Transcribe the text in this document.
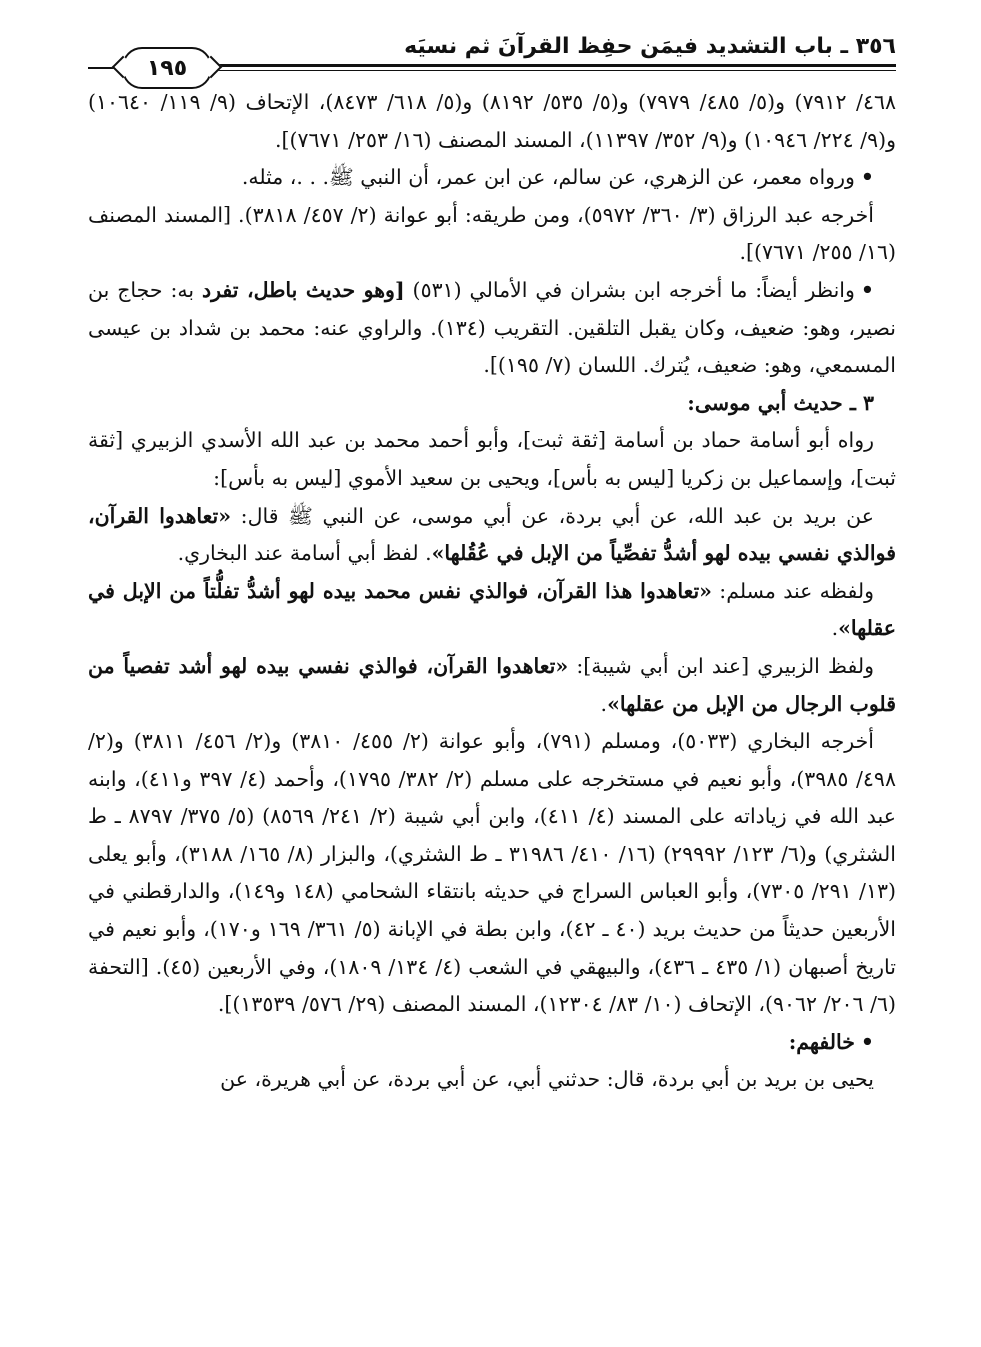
٣٥٦ ـ باب التشديد فيمَن حفِظ القرآنَ ثم نسيَه
١٩٥

٤٦٨/ ٧٩١٢) و(٥/ ٤٨٥/ ٧٩٧٩) و(٥/ ٥٣٥/ ٨١٩٢) و(٥/ ٦١٨/ ٨٤٧٣)، الإتحاف (٩/ ١١٩/ ١٠٦٤٠) و(٩/ ٢٢٤/ ١٠٩٤٦) و(٩/ ٣٥٢/ ١١٣٩٧)، المسند المصنف (١٦/ ٢٥٣/ ٧٦٧١)].

•ورواه معمر، عن الزهري، عن سالم، عن ابن عمر، أن النبي ﷺ. . .، مثله.

أخرجه عبد الرزاق (٣/ ٣٦٠/ ٥٩٧٢)، ومن طريقه: أبو عوانة (٢/ ٤٥٧/ ٣٨١٨). [المسند المصنف (١٦/ ٢٥٥/ ٧٦٧١)].

•وانظر أيضاً: ما أخرجه ابن بشران في الأمالي (٥٣١) [وهو حديث باطل، تفرد به: حجاج بن نصير، وهو: ضعيف، وكان يقبل التلقين. التقريب (١٣٤). والراوي عنه: محمد بن شداد بن عيسى المسمعي، وهو: ضعيف، يُترك. اللسان (٧/ ١٩٥)].

٣ ـ حديث أبي موسى:

رواه أبو أسامة حماد بن أسامة [ثقة ثبت]، وأبو أحمد محمد بن عبد الله الأسدي الزبيري [ثقة ثبت]، وإسماعيل بن زكريا [ليس به بأس]، ويحيى بن سعيد الأموي [ليس به بأس]:

عن بريد بن عبد الله، عن أبي بردة، عن أبي موسى، عن النبي ﷺ قال: «تعاهدوا القرآن، فوالذي نفسي بيده لهو أشدُّ تفصِّياً من الإبل في عُقُلها». لفظ أبي أسامة عند البخاري.

ولفظه عند مسلم: «تعاهدوا هذا القرآن، فوالذي نفس محمد بيده لهو أشدُّ تفلُّتاً من الإبل في عقلها».

ولفظ الزبيري [عند ابن أبي شيبة]: «تعاهدوا القرآن، فوالذي نفسي بيده لهو أشد تفصياً من قلوب الرجال من الإبل من عقلها».

أخرجه البخاري (٥٠٣٣)، ومسلم (٧٩١)، وأبو عوانة (٢/ ٤٥٥/ ٣٨١٠) و(٢/ ٤٥٦/ ٣٨١١) و(٢/ ٤٩٨/ ٣٩٨٥)، وأبو نعيم في مستخرجه على مسلم (٢/ ٣٨٢/ ١٧٩٥)، وأحمد (٤/ ٣٩٧ و٤١١)، وابنه عبد الله في زياداته على المسند (٤/ ٤١١)، وابن أبي شيبة (٢/ ٢٤١/ ٨٥٦٩) (٥/ ٣٧٥/ ٨٧٩٧ ـ ط الشثري) و(٦/ ١٢٣/ ٢٩٩٩٢) (١٦/ ٤١٠/ ٣١٩٨٦ ـ ط الشثري)، والبزار (٨/ ١٦٥/ ٣١٨٨)، وأبو يعلى (١٣/ ٢٩١/ ٧٣٠٥)، وأبو العباس السراج في حديثه بانتقاء الشحامي (١٤٨ و١٤٩)، والدارقطني في الأربعين حديثاً من حديث بريد (٤٠ ـ ٤٢)، وابن بطة في الإبانة (٥/ ٣٦١/ ١٦٩ و١٧٠)، وأبو نعيم في تاريخ أصبهان (١/ ٤٣٥ ـ ٤٣٦)، والبيهقي في الشعب (٤/ ١٣٤/ ١٨٠٩)، وفي الأربعين (٤٥). [التحفة (٦/ ٢٠٦/ ٩٠٦٢)، الإتحاف (١٠/ ٨٣/ ١٢٣٠٤)، المسند المصنف (٢٩/ ٥٧٦/ ١٣٥٣٩)].

•خالفهم:

يحيى بن بريد بن أبي بردة، قال: حدثني أبي، عن أبي بردة، عن أبي هريرة، عن
